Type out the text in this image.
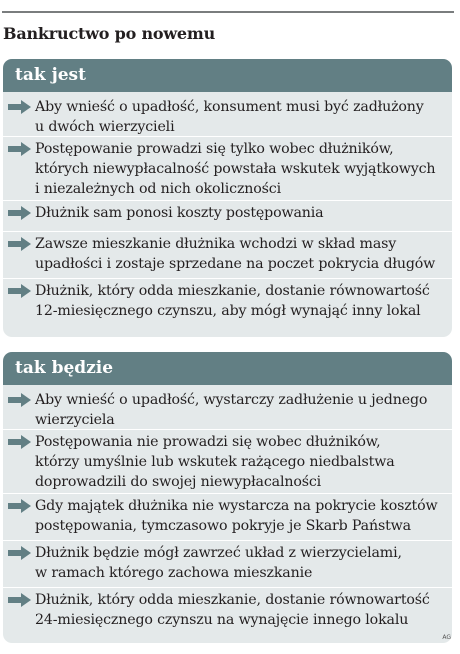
Bankructwo po nowemu
tak jest
Aby wnieść o upadłość, konsument musi być zadłużony
u dwóch wierzycieli
Postępowanie prowadzi się tylko wobec dłużników,
których niewypłacalność powstała wskutek wyjątkowych
i niezależnych od nich okoliczności
Dłużnik sam ponosi koszty postępowania
Zawsze mieszkanie dłużnika wchodzi w skład masy
upadłości i zostaje sprzedane na poczet pokrycia długów
Dłużnik, który odda mieszkanie, dostanie równowartość
12-miesięcznego czynszu, aby mógł wynająć inny lokal
tak będzie
Aby wnieść o upadłość, wystarczy zadłużenie u jednego
wierzyciela
Postępowania nie prowadzi się wobec dłużników,
którzy umyślnie lub wskutek rażącego niedbalstwa
doprowadzili do swojej niewypłacalności
Gdy majątek dłużnika nie wystarcza na pokrycie kosztów
postępowania, tymczasowo pokryje je Skarb Państwa
Dłużnik będzie mógł zawrzeć układ z wierzycielami,
w ramach którego zachowa mieszkanie
Dłużnik, który odda mieszkanie, dostanie równowartość
24-miesięcznego czynszu na wynajęcie innego lokalu
AG
